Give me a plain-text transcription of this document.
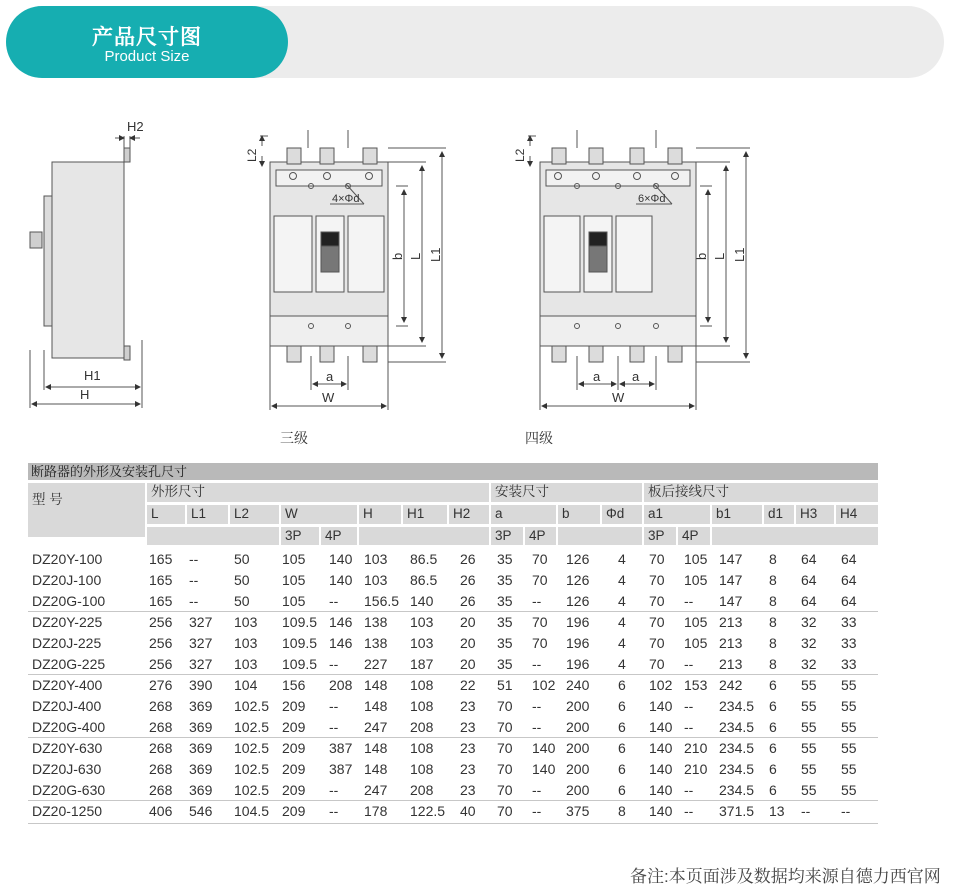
产品尺寸图
Product Size
H2
H1
H
L2
4×Φd
b L L1
a
W
L2
6×Φd
b L L1
a a
W
三级	四级
断路器的外形及安装孔尺寸
型 号
外形尺寸	安装尺寸	板后接线尺寸
L	L1	L2	W	H	H1	H2	a	b	Φd	a1	b1	d1	H3	H4
3P	4P	3P	4P	3P	4P
DZ20Y-100	165 --	50 105 140 103 86.5 26 35 70 126 4 70 105 147 8 64 64
DZ20J-100	165 --	50 105 140 103 86.5 26 35 70 126 4 70 105 147 8 64 64
DZ20G-100	165 --	50 105 -- 156.5 140 26 35 -- 126 4 70 -- 147 8 64 64
DZ20Y-225	256 327 103 109.5 146 138 103 20 35 70 196 4 70 105 213 8 32 33
DZ20J-225	256 327 103 109.5 146 138 103 20 35 70 196 4 70 105 213 8 32 33
DZ20G-225	256 327 103 109.5 -- 227 187 20 35 -- 196 4 70 -- 213 8 32 33
DZ20Y-400	276 390 104 156 208 148 108 22 51 102 240 6 102 153 242 6 55 55
DZ20J-400	268 369 102.5 209 -- 148 108 23 70 -- 200 6 140 -- 234.5 6 55 55
DZ20G-400	268 369 102.5 209 -- 247 208 23 70 -- 200 6 140 -- 234.5 6 55 55
DZ20Y-630	268 369 102.5 209 387 148 108 23 70 140 200 6 140 210 234.5 6 55 55
DZ20J-630	268 369 102.5 209 387 148 108 23 70 140 200 6 140 210 234.5 6 55 55
DZ20G-630	268 369 102.5 209 -- 247 208 23 70 -- 200 6 140 -- 234.5 6 55 55
DZ20-1250	406 546 104.5 209 -- 178 122.5 40 70 -- 375 8 140 -- 371.5 13 -- --
备注:本页面涉及数据均来源自德力西官网
